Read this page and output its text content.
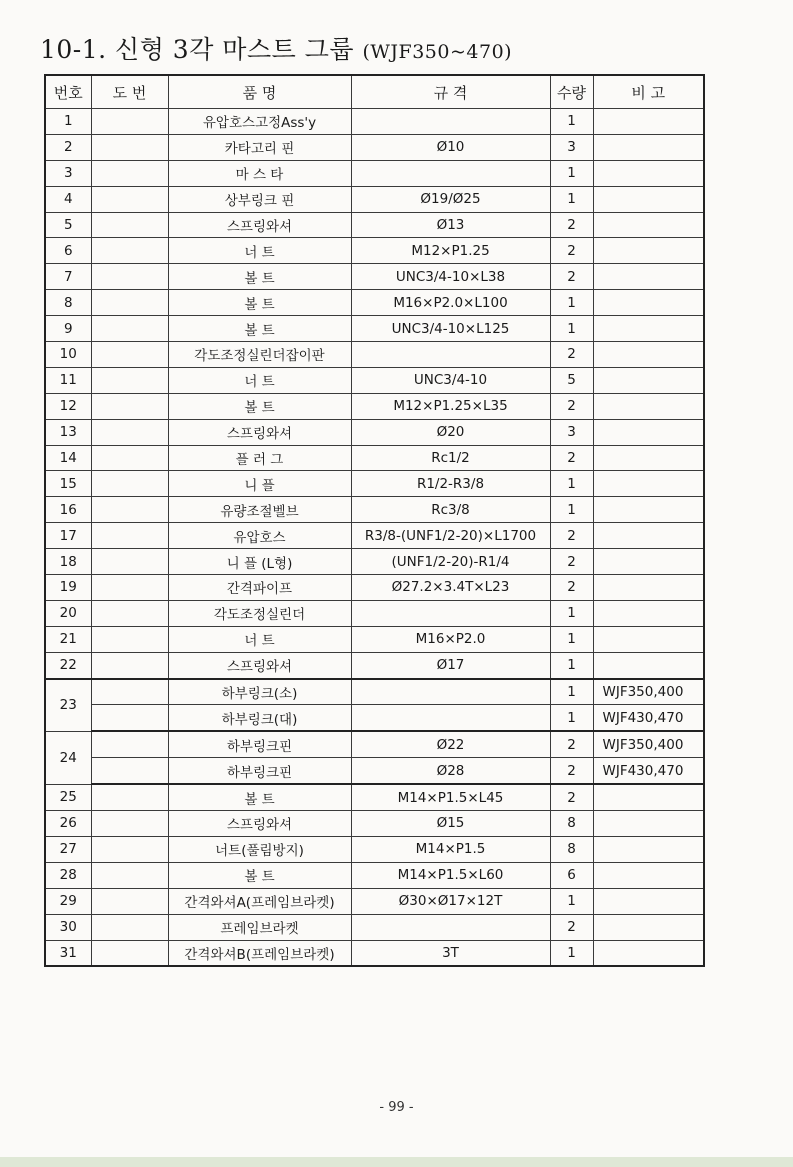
10-1. 신형 3각 마스트 그룹 (WJF350~470)
번호	도 번	품 명	규 격	수량	비 고
1		유압호스고정Ass'y		1	
2		카타고리 핀	Ø10	3	
3		마 스 타		1	
4		상부링크 핀	Ø19/Ø25	1	
5		스프링와셔	Ø13	2	
6		너 트	M12×P1.25	2	
7		볼 트	UNC3/4-10×L38	2	
8		볼 트	M16×P2.0×L100	1	
9		볼 트	UNC3/4-10×L125	1	
10		각도조정실린더잡이판		2	
11		너 트	UNC3/4-10	5	
12		볼 트	M12×P1.25×L35	2	
13		스프링와셔	Ø20	3	
14		플 러 그	Rc1/2	2	
15		니 플	R1/2-R3/8	1	
16		유량조절벨브	Rc3/8	1	
17		유압호스	R3/8-(UNF1/2-20)×L1700	2	
18		니 플 (L형)	(UNF1/2-20)-R1/4	2	
19		간격파이프	Ø27.2×3.4T×L23	2	
20		각도조정실린더		1	
21		너 트	M16×P2.0	1	
22		스프링와셔	Ø17	1	
23		하부링크(소)		1	WJF350,400
		하부링크(대)		1	WJF430,470
24		하부링크핀	Ø22	2	WJF350,400
		하부링크핀	Ø28	2	WJF430,470
25		볼 트	M14×P1.5×L45	2	
26		스프링와셔	Ø15	8	
27		너트(풀림방지)	M14×P1.5	8	
28		볼 트	M14×P1.5×L60	6	
29		간격와셔A(프레임브라켓)	Ø30×Ø17×12T	1	
30		프레임브라켓		2	
31		간격와셔B(프레임브라켓)	3T	1	
- 99 -
